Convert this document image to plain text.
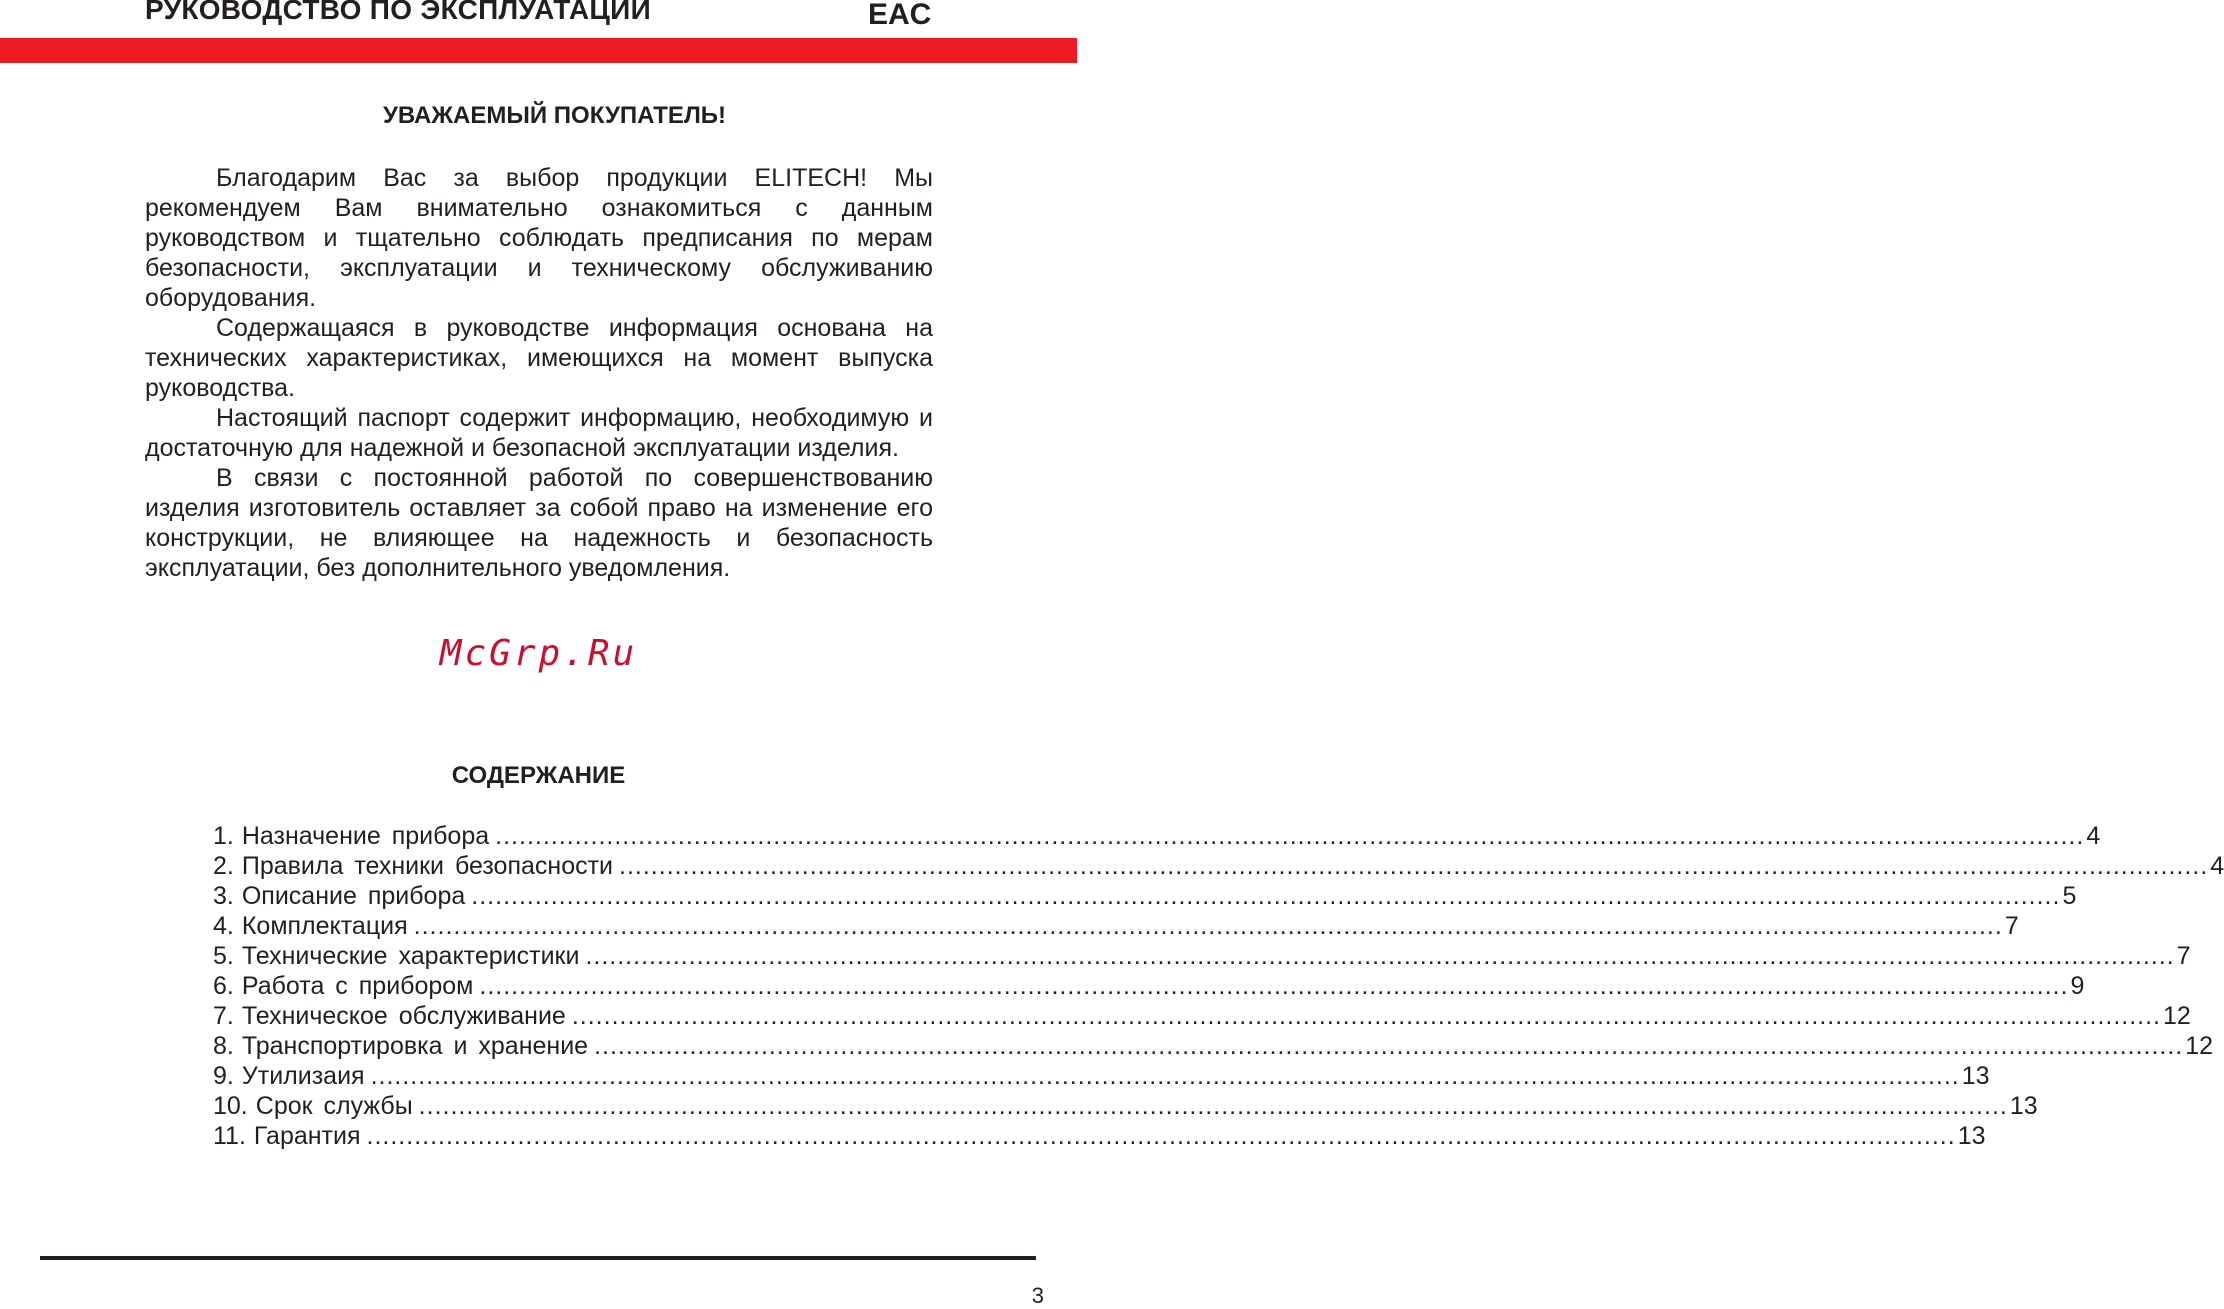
РУКОВОДСТВО ПО ЭКСПЛУАТАЦИИ	EAC
УВАЖАЕМЫЙ ПОКУПАТЕЛЬ!

Благодарим Вас за выбор продукции ELITECH! Мы рекомендуем Вам внимательно ознакомиться с данным руководством и тщательно соблюдать предписания по мерам безопасности, эксплуатации и техническому обслуживанию оборудования.

Содержащаяся в руководстве информация основана на технических характеристиках, имеющихся на момент выпуска руководства.

Настоящий паспорт содержит информацию, необходимую и достаточную для надежной и безопасной эксплуатации изделия.

В связи с постоянной работой по совершенствованию изделия изготовитель оставляет за собой право на изменение его конструкции, не влияющее на надежность и безопасность эксплуатации, без дополнительного уведомления.

McGrp.Ru
СОДЕРЖАНИЕ
1. Назначение прибора ........................................................................................................................................................................................................ 4
2. Правила техники безопасности ........................................................................................................................................................................................................ 4
3. Описание прибора ........................................................................................................................................................................................................ 5
4. Комплектация ........................................................................................................................................................................................................ 7
5. Технические характеристики ........................................................................................................................................................................................................ 7
6. Работа с прибором ........................................................................................................................................................................................................ 9
7. Техническое обслуживание ........................................................................................................................................................................................................ 12
8. Транспортировка и хранение ........................................................................................................................................................................................................ 12
9. Утилизаия ........................................................................................................................................................................................................ 13
10. Срок службы ........................................................................................................................................................................................................ 13
11. Гарантия ........................................................................................................................................................................................................ 13
3
